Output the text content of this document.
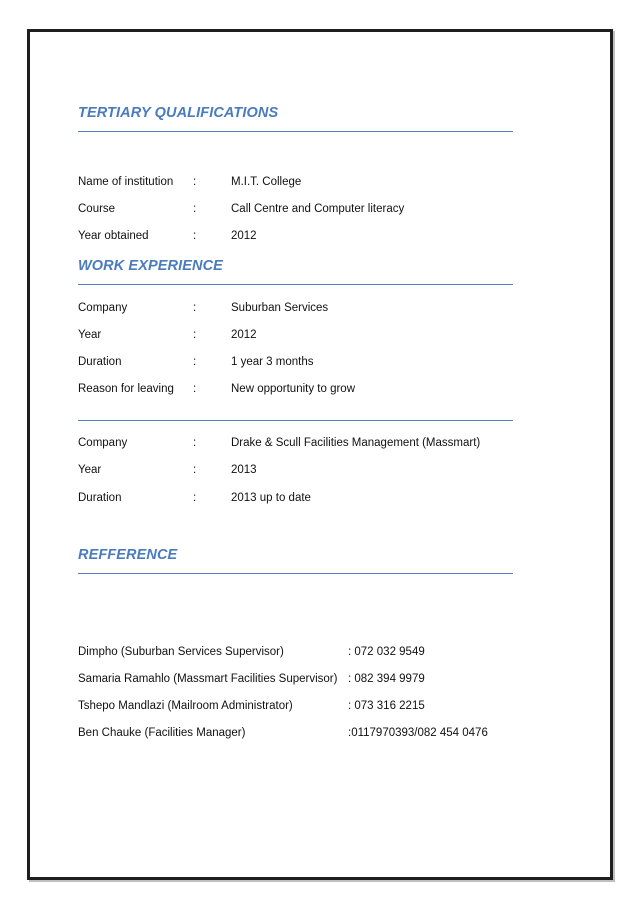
TERTIARY QUALIFICATIONS
Name of institution :	M.I.T. College
Course	:	Call Centre and Computer literacy
Year obtained	:	2012
WORK EXPERIENCE
Company	:	Suburban Services
Year	:	2012
Duration	:	1 year 3 months
Reason for leaving :	New opportunity to grow
Company	:	Drake & Scull Facilities Management (Massmart)
Year	:	2013
Duration	:	2013 up to date
REFFERENCE
Dimpho (Suburban Services Supervisor)	: 072 032 9549
Samaria Ramahlo (Massmart Facilities Supervisor) : 082 394 9979
Tshepo Mandlazi (Mailroom Administrator)	: 073 316 2215
Ben Chauke (Facilities Manager)	:0117970393/082 454 0476
